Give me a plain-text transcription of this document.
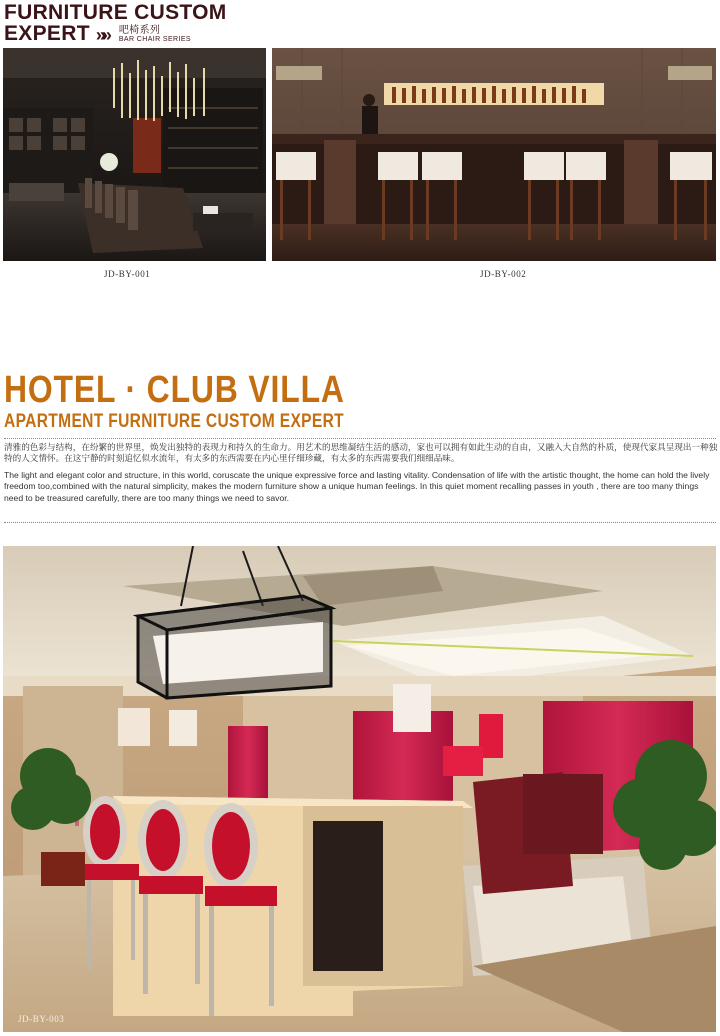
FURNITURE CUSTOM
EXPERT »» 吧椅系列
BAR CHAIR SERIES
JD-BY-001	JD-BY-002
HOTEL · CLUB VILLA
APARTMENT FURNITURE CUSTOM EXPERT
清雅的色彩与结构，在纷繁的世界里，焕发出独特的表现力和持久的生命力。用艺术的思维凝结生活的感动，家也可以拥有如此生动的自由，又融入大自然的朴质，使现代家具呈现出一种独特的人文情怀。在这宁静的时刻追忆似水流年，有太多的东西需要在内心里仔细珍藏，有太多的东西需要我们细细品味。
The light and elegant color and structure, in this world, coruscate the unique expressive force and lasting vitality. Condensation of life with the artistic thought, the home can hold the lively freedom too,combined with the natural simplicity, makes the modern furniture show a unique human feelings. In this quiet moment recalling passes in youth , there are too many things need to be treasured carefully, there are too many things we need to savor.
JD-BY-003
